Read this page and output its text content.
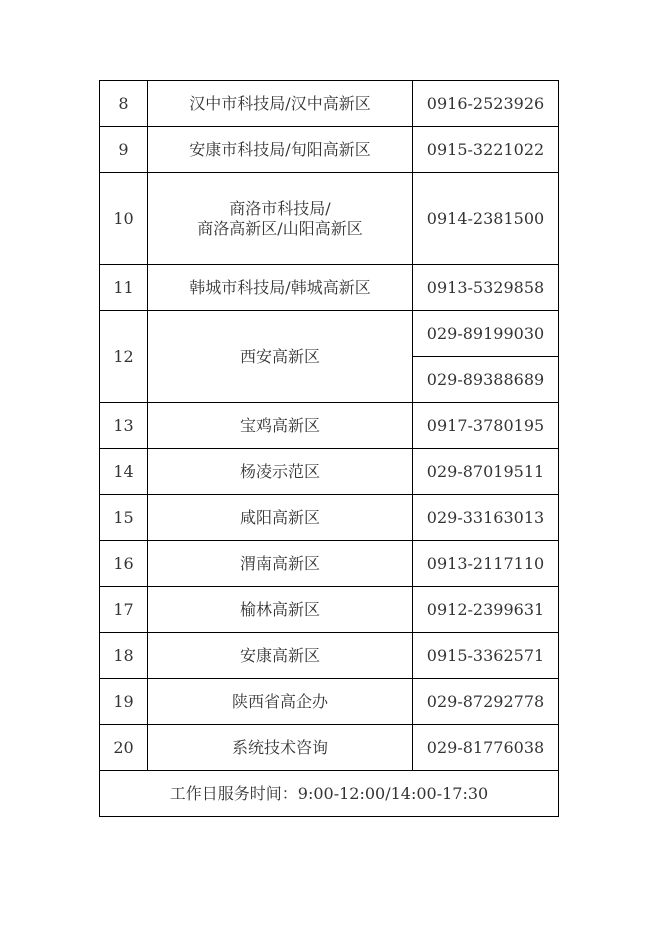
8	汉中市科技局/汉中高新区	0916-2523926
9	安康市科技局/旬阳高新区	0915-3221022
10	商洛市科技局/
商洛高新区/山阳高新区	0914-2381500
11	韩城市科技局/韩城高新区	0913-5329858
12	西安高新区	029-89199030
		029-89388689
13	宝鸡高新区	0917-3780195
14	杨凌示范区	029-87019511
15	咸阳高新区	029-33163013
16	渭南高新区	0913-2117110
17	榆林高新区	0912-2399631
18	安康高新区	0915-3362571
19	陕西省高企办	029-87292778
20	系统技术咨询	029-81776038
工作日服务时间：9:00-12:00/14:00-17:30		
